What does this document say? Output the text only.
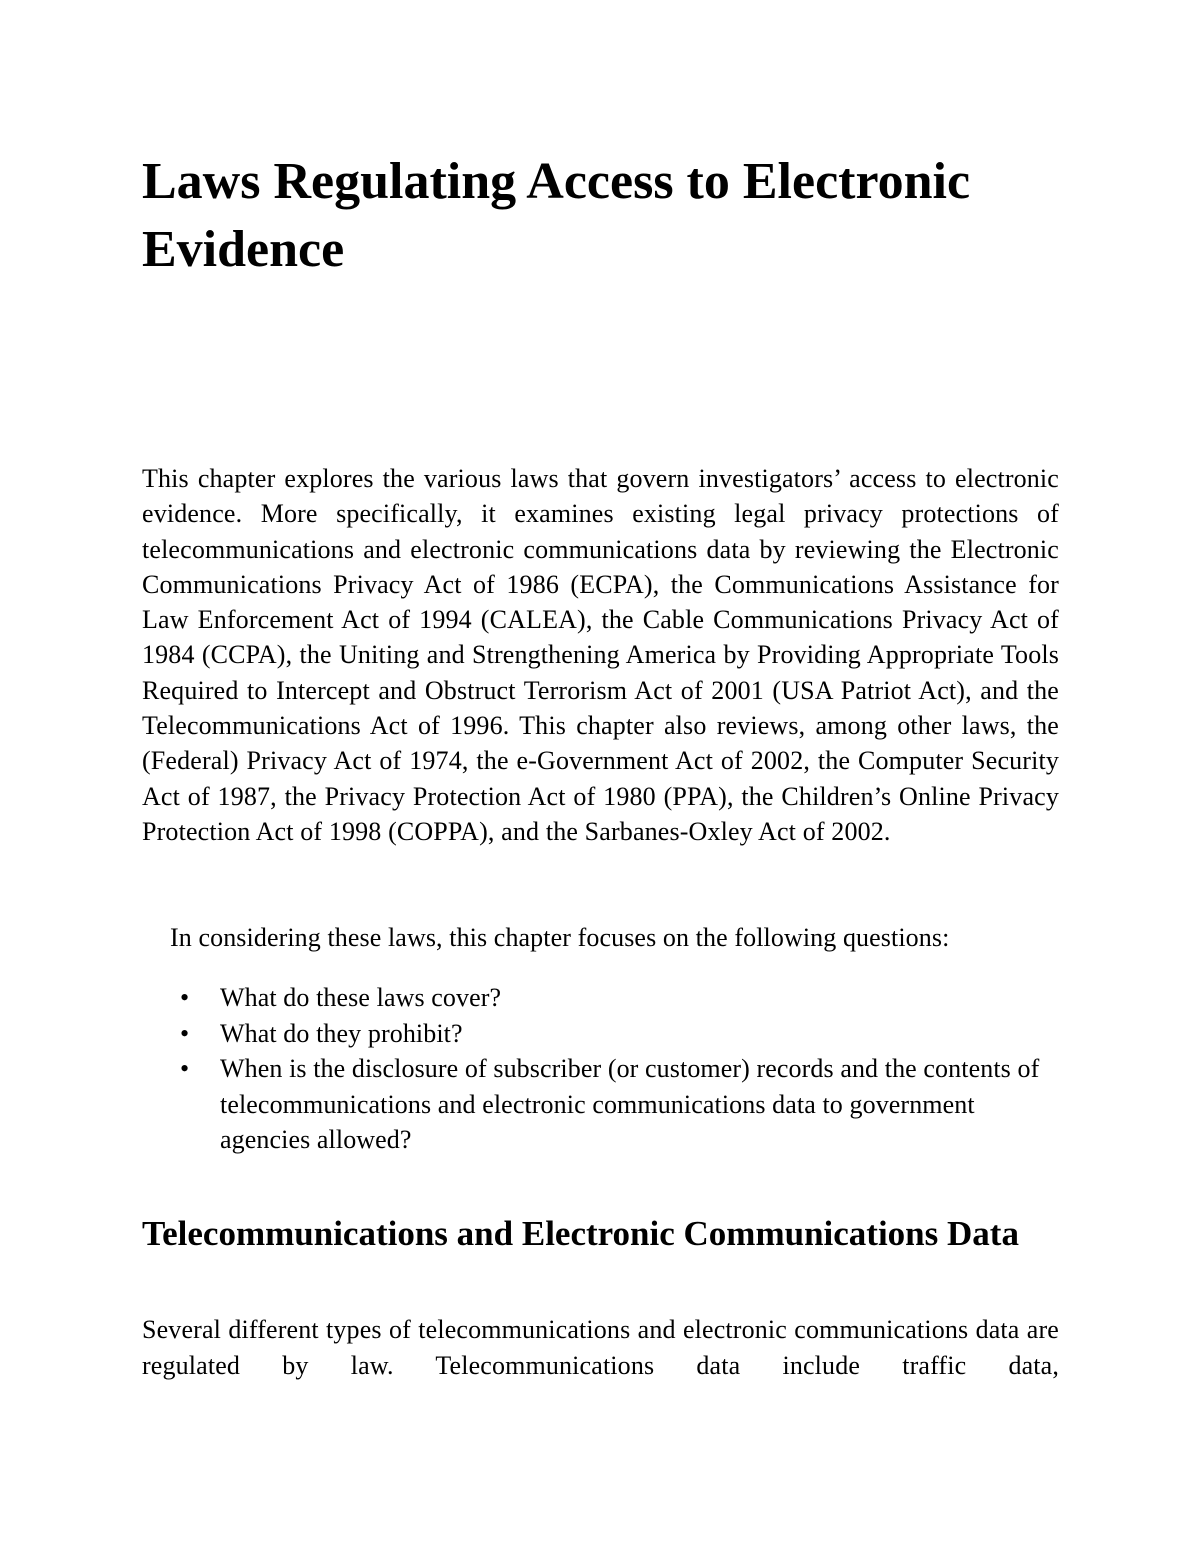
Laws Regulating Access to Electronic Evidence

This chapter explores the various laws that govern investigators’ access to electronic evidence. More specifically, it examines existing legal privacy protections of telecommunications and electronic communications data by reviewing the Electronic Communications Privacy Act of 1986 (ECPA), the Communications Assistance for Law Enforcement Act of 1994 (CALEA), the Cable Communications Privacy Act of 1984 (CCPA), the Uniting and Strengthening America by Providing Appropriate Tools Required to Intercept and Obstruct Terrorism Act of 2001 (USA Patriot Act), and the Telecommunications Act of 1996. This chapter also reviews, among other laws, the (Federal) Privacy Act of 1974, the e-Government Act of 2002, the Computer Security Act of 1987, the Privacy Protection Act of 1980 (PPA), the Children’s Online Privacy Protection Act of 1998 (COPPA), and the Sarbanes-Oxley Act of 2002.

In considering these laws, this chapter focuses on the following questions:

• What do these laws cover?
• What do they prohibit?
• When is the disclosure of subscriber (or customer) records and the contents of telecommunications and electronic communications data to government agencies allowed?
Telecommunications and Electronic Communications Data

Several different types of telecommunications and electronic communications data are regulated by law. Telecommunications data include traffic data,
